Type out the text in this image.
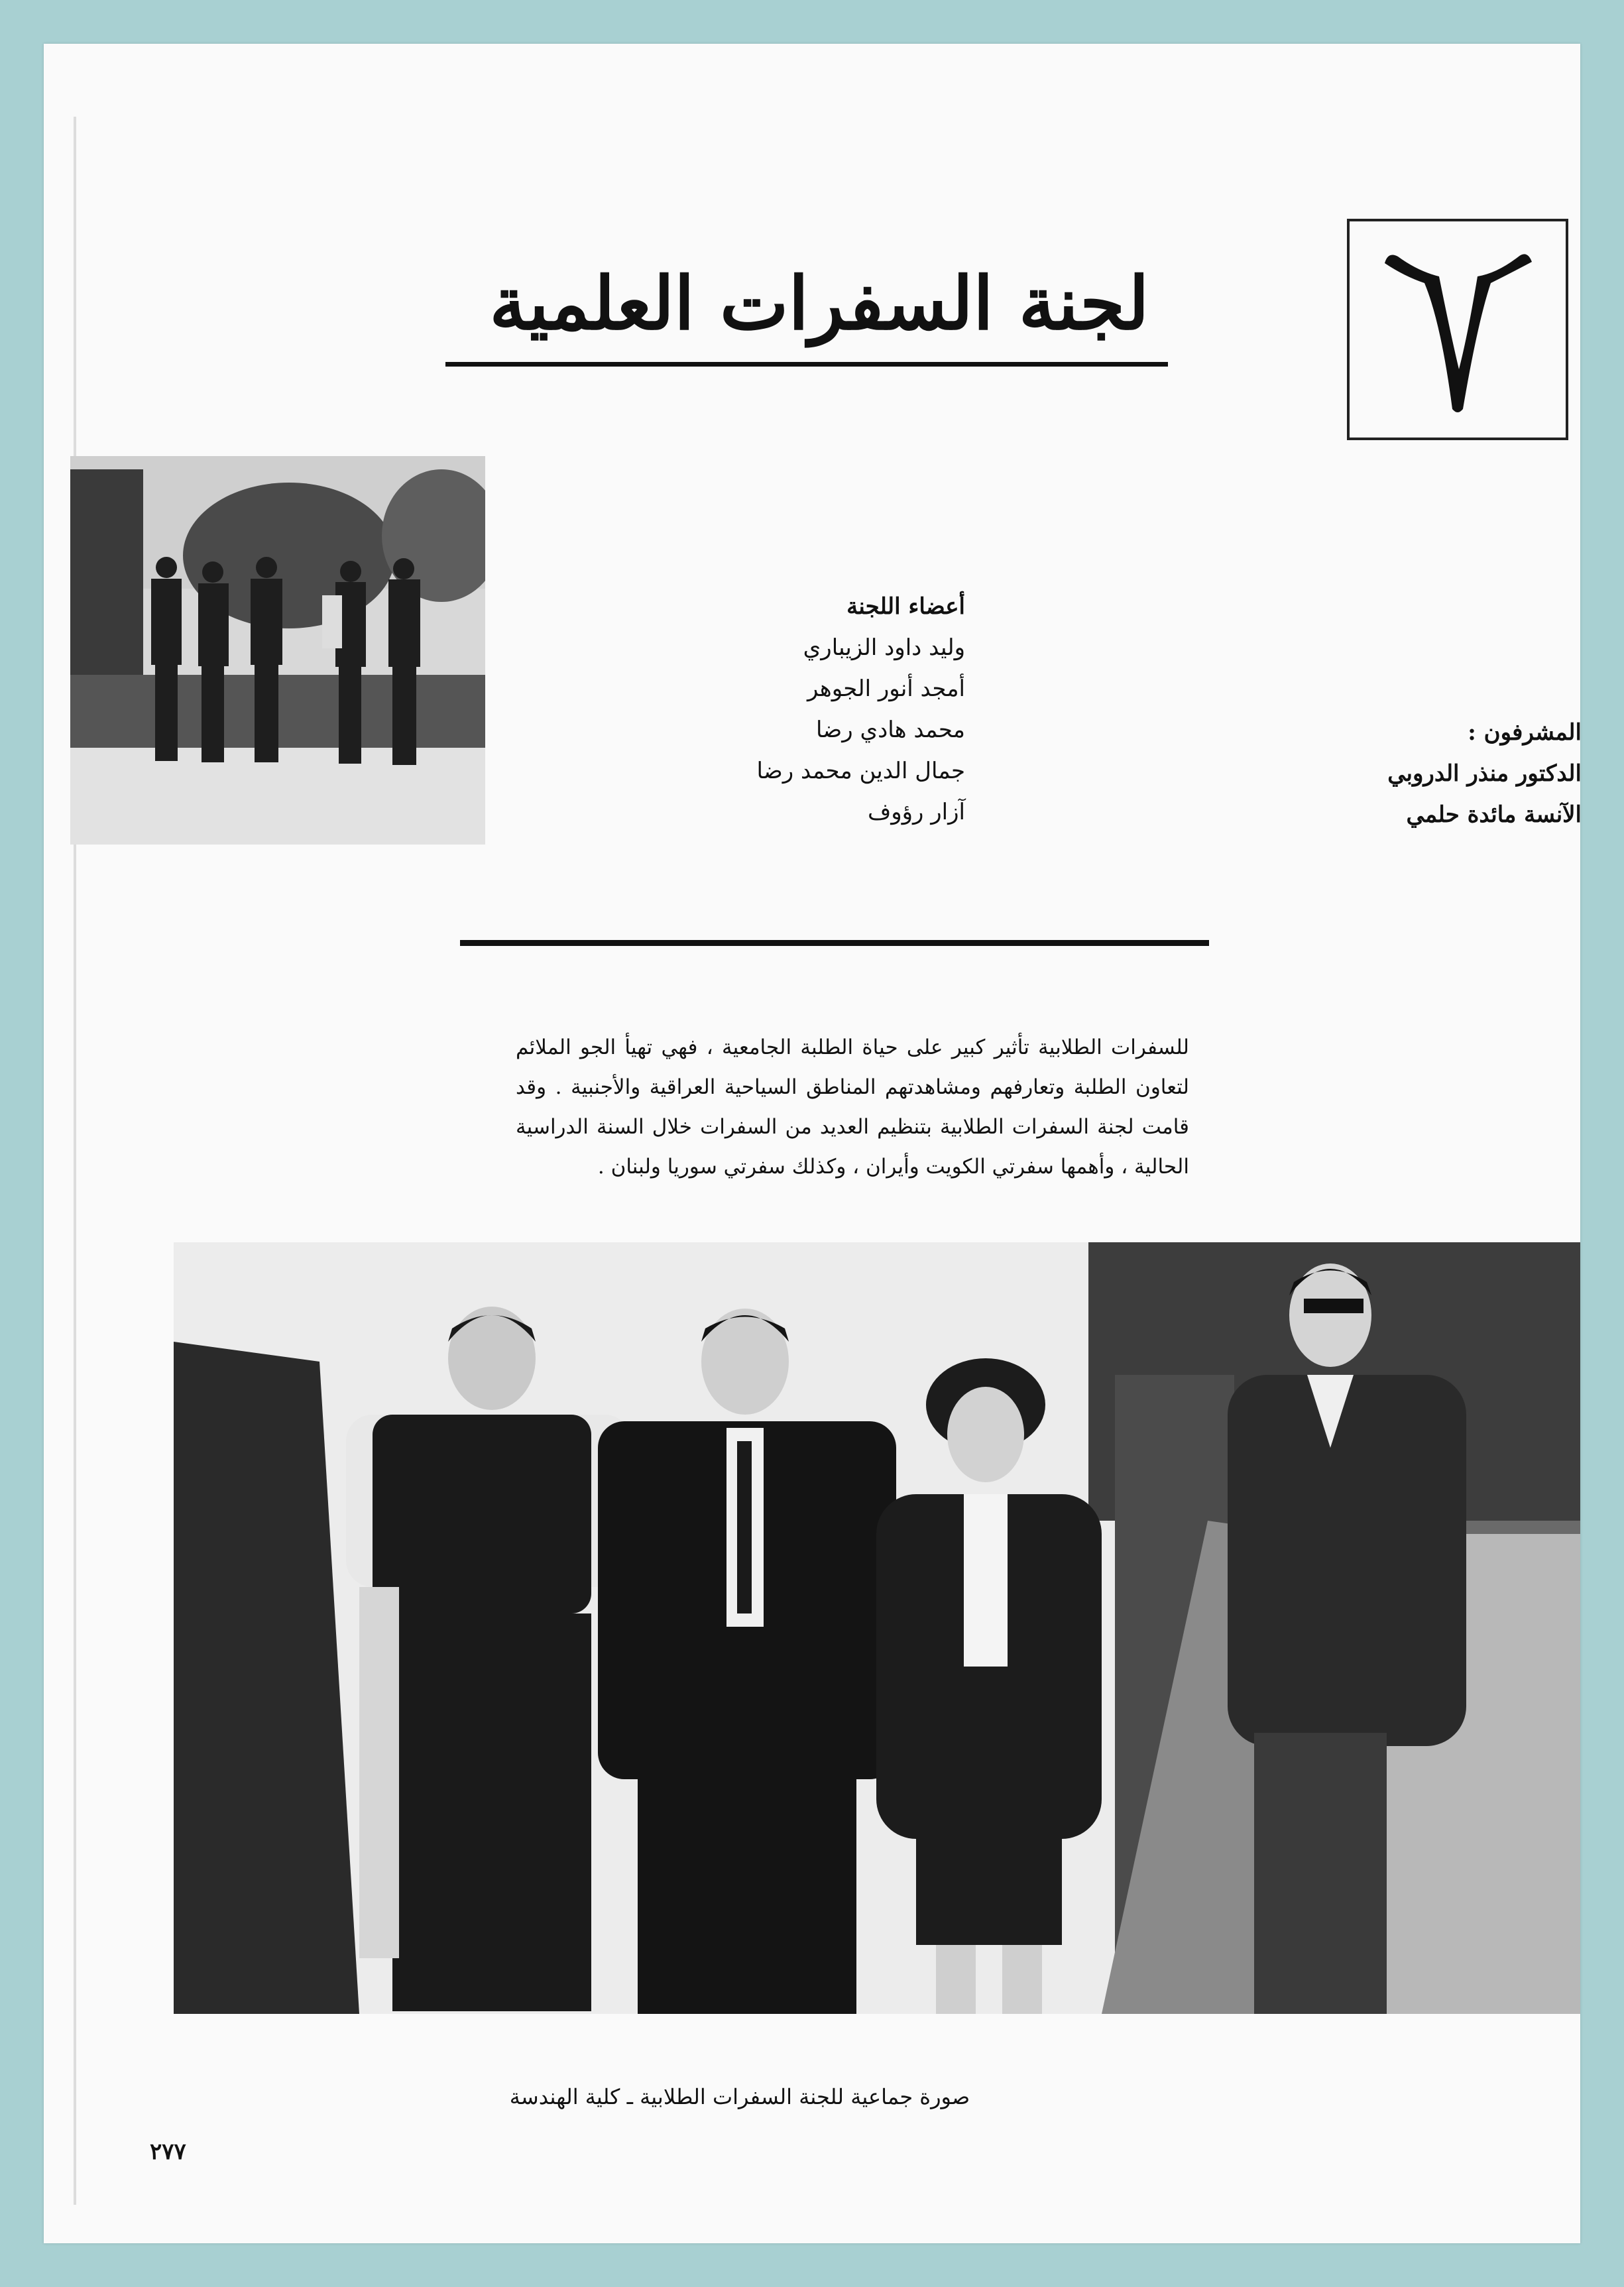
لجنة السفرات العلمية
أعضاء اللجنة
وليد داود الزيباري
أمجد أنور الجوهر
محمد هادي رضا
جمال الدين محمد رضا
آزار رؤوف
المشرفون :
الدكتور منذر الدروبي
الآنسة مائدة حلمي
للسفرات الطلابية تأثير كبير على حياة الطلبة الجامعية ، فهي تهيأ الجو الملائم لتعاون الطلبة وتعارفهم ومشاهدتهم المناطق السياحية العراقية والأجنبية . وقد قامت لجنة السفرات الطلابية بتنظيم العديد من السفرات خلال السنة الدراسية الحالية ، وأهمها سفرتي الكويت وأيران ، وكذلك سفرتي سوريا ولبنان .
صورة جماعية للجنة السفرات الطلابية ـ كلية الهندسة
٢٧٧
